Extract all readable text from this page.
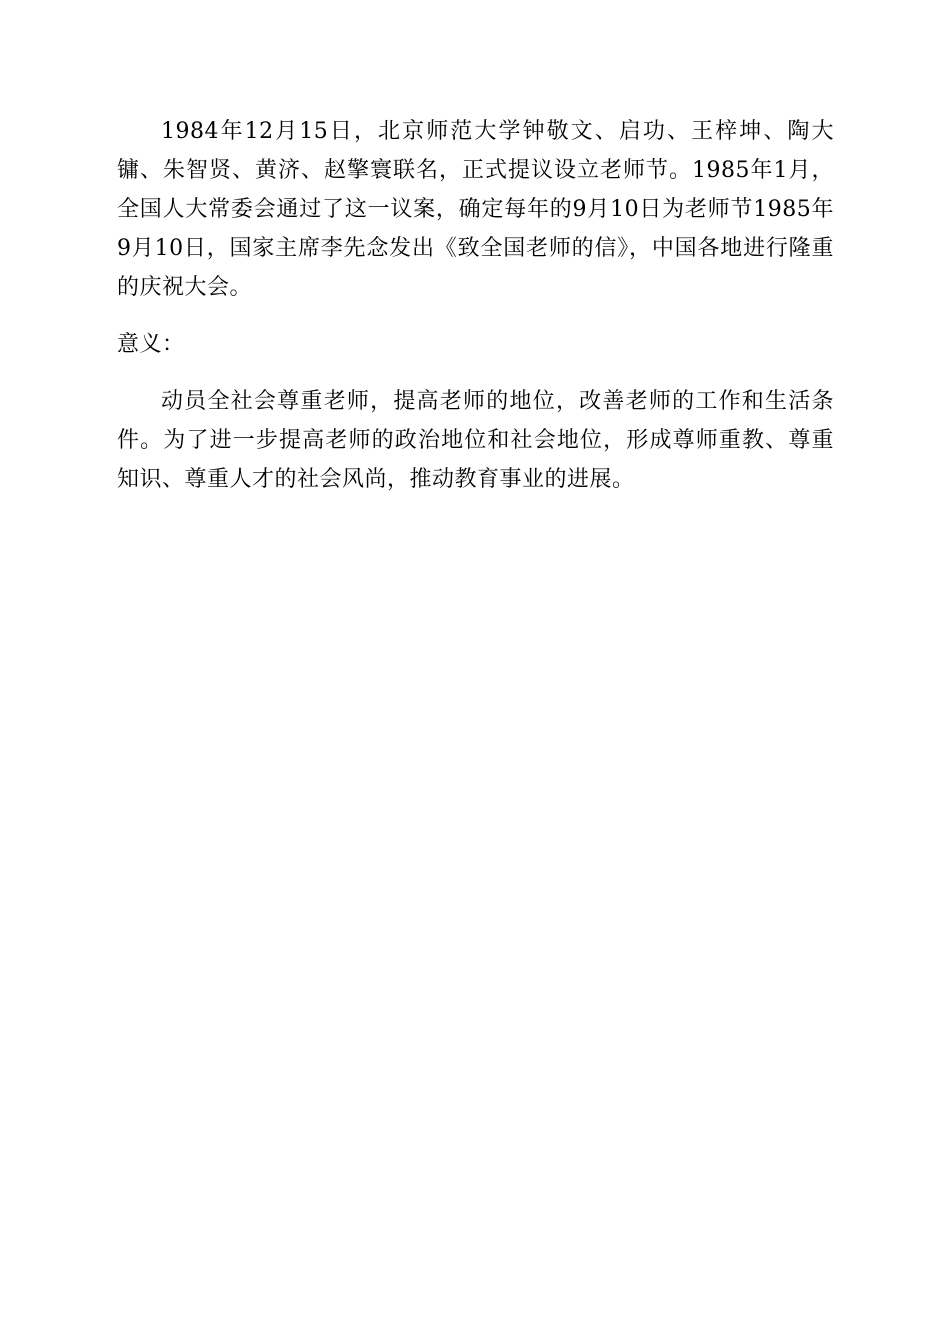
1984年12月15日，北京师范大学钟敬文、启功、王梓坤、陶大镛、朱智贤、黄济、赵擎寰联名，正式提议设立老师节。1985年1月，全国人大常委会通过了这一议案，确定每年的9月10日为老师节1985年9月10日，国家主席李先念发出《致全国老师的信》，中国各地进行隆重的庆祝大会。

意义：

动员全社会尊重老师，提高老师的地位，改善老师的工作和生活条件。为了进一步提高老师的政治地位和社会地位，形成尊师重教、尊重知识、尊重人才的社会风尚，推动教育事业的进展。
